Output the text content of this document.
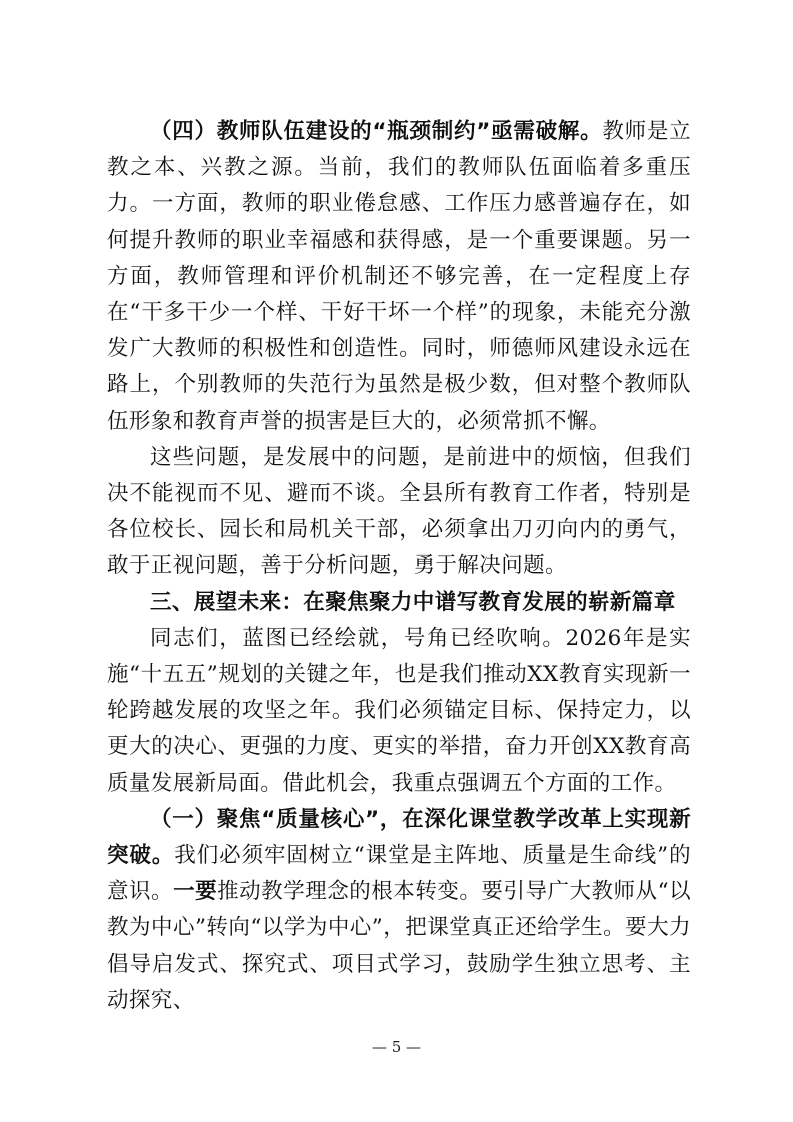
（四）教师队伍建设的“瓶颈制约”亟需破解。教师是立教之本、兴教之源。当前，我们的教师队伍面临着多重压力。一方面，教师的职业倦怠感、工作压力感普遍存在，如何提升教师的职业幸福感和获得感，是一个重要课题。另一方面，教师管理和评价机制还不够完善，在一定程度上存在“干多干少一个样、干好干坏一个样”的现象，未能充分激发广大教师的积极性和创造性。同时，师德师风建设永远在路上，个别教师的失范行为虽然是极少数，但对整个教师队伍形象和教育声誉的损害是巨大的，必须常抓不懈。

这些问题，是发展中的问题，是前进中的烦恼，但我们决不能视而不见、避而不谈。全县所有教育工作者，特别是各位校长、园长和局机关干部，必须拿出刀刃向内的勇气，敢于正视问题，善于分析问题，勇于解决问题。

三、展望未来：在聚焦聚力中谱写教育发展的崭新篇章

同志们，蓝图已经绘就，号角已经吹响。2026年是实施“十五五”规划的关键之年，也是我们推动XX教育实现新一轮跨越发展的攻坚之年。我们必须锚定目标、保持定力，以更大的决心、更强的力度、更实的举措，奋力开创XX教育高质量发展新局面。借此机会，我重点强调五个方面的工作。

（一）聚焦“质量核心”，在深化课堂教学改革上实现新突破。我们必须牢固树立“课堂是主阵地、质量是生命线”的意识。一要推动教学理念的根本转变。要引导广大教师从“以教为中心”转向“以学为中心”，把课堂真正还给学生。要大力倡导启发式、探究式、项目式学习，鼓励学生独立思考、主动探究、

— 5 —
